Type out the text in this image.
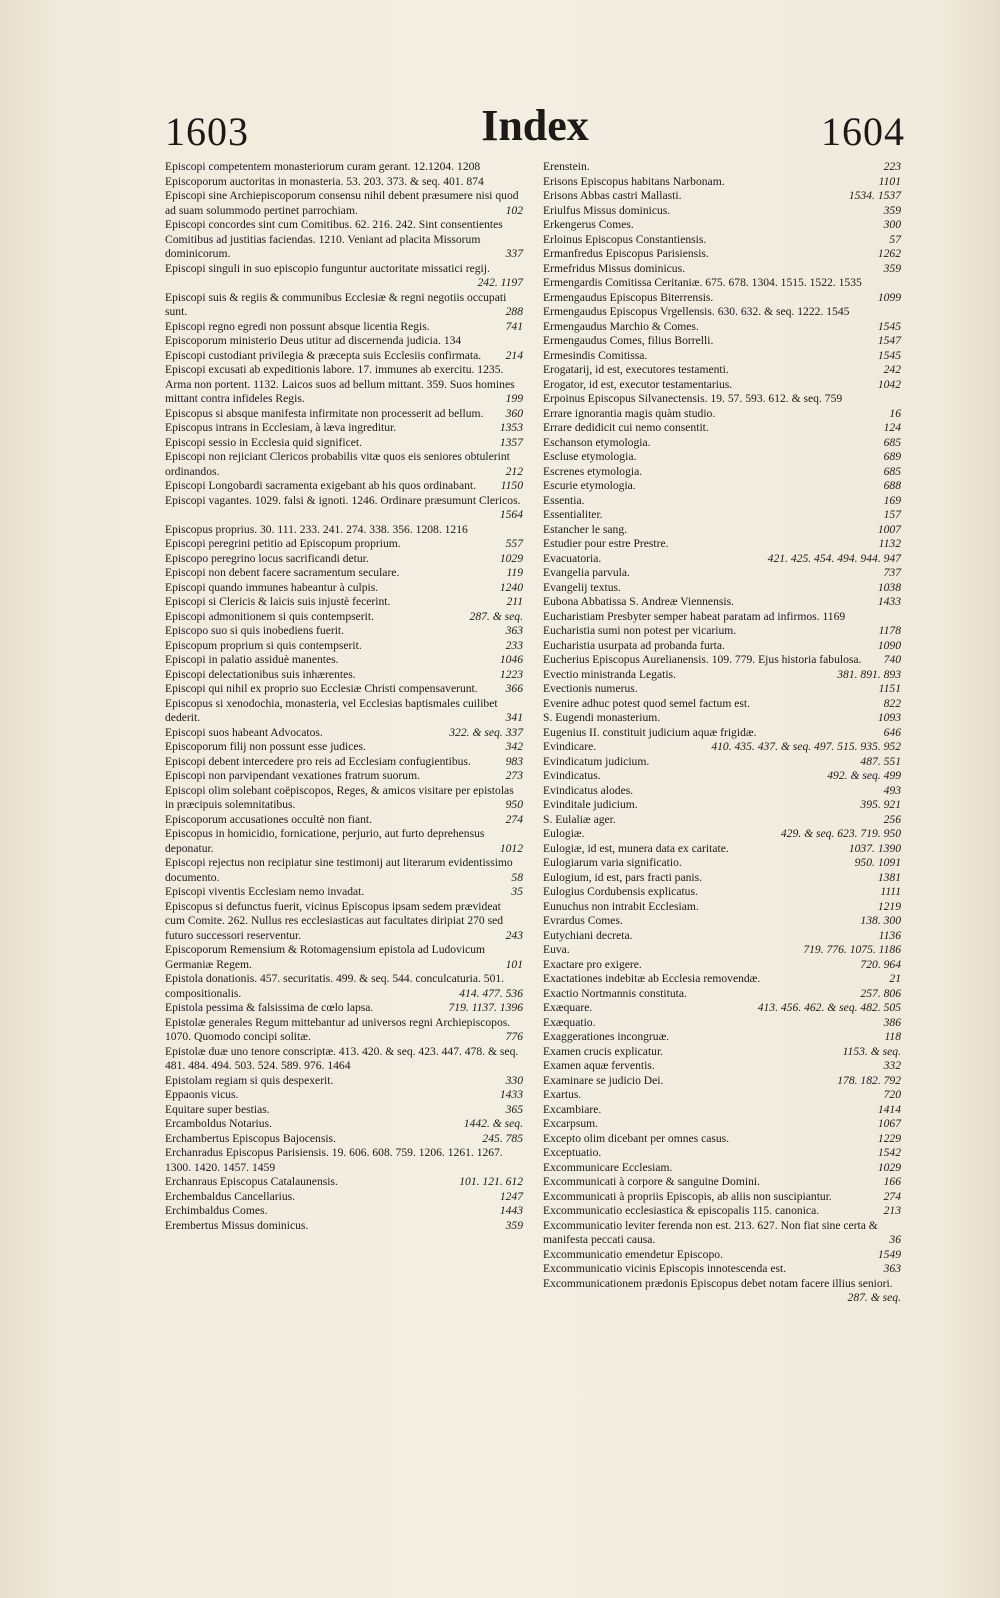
1603	Index	1604

Episcopi competentem monasteriorum curam gerant. 12.1204. 1208

Episcoporum auctoritas in monasteria. 53. 203. 373. & seq. 401. 874

Episcopi sine Archiepiscoporum consensu nihil debent præsumere nisi quod ad suam solummodo pertinet parrochiam.	102

Episcopi concordes sint cum Comitibus. 62. 216. 242. Sint consentientes Comitibus ad justitias faciendas. 1210. Veniant ad placita Missorum dominicorum.	337

Episcopi singuli in suo episcopio funguntur auctoritate missatici regij.
242. 1197

Episcopi suis & regiis & communibus Ecclesiæ & regni negotiis occupati sunt.	288

Episcopi regno egredi non possunt absque licentia Regis.	741

Episcoporum ministerio Deus utitur ad discernenda judicia. 134

Episcopi custodiant privilegia & præcepta suis Ecclesiis confirmata. 214

Episcopi excusati ab expeditionis labore. 17. immunes ab exercitu. 1235. Arma non portent. 1132. Laicos suos ad bellum mittant. 359. Suos homines mittant contra infideles Regis.	199

Episcopus si absque manifesta infirmitate non processerit ad bellum. 360

Episcopus intrans in Ecclesiam, à læva ingreditur.	1353

Episcopi sessio in Ecclesia quid significet.	1357

Episcopi non rejiciant Clericos probabilis vitæ quos eis seniores obtulerint ordinandos.	212

Episcopi Longobardi sacramenta exigebant ab his quos ordinabant. 1150

Episcopi vagantes. 1029. falsi & ignoti. 1246. Ordinare præsumunt Clericos.
1564

Episcopus proprius. 30. 111. 233. 241. 274. 338. 356. 1208. 1216

Episcopi peregrini petitio ad Episcopum proprium.	557

Episcopo peregrino locus sacrificandi detur.	1029

Episcopi non debent facere sacramentum seculare.	119

Episcopi quando immunes habeantur à culpis.	1240

Episcopi si Clericis & laicis suis injustè fecerint.	211

Episcopi admonitionem si quis contempserit.	287. & seq.

Episcopo suo si quis inobediens fuerit.	363

Episcopum proprium si quis contempserit.	233

Episcopi in palatio assiduè manentes.	1046

Episcopi delectationibus suis inhærentes.	1223

Episcopi qui nihil ex proprio suo Ecclesiæ Christi compensaverunt. 366

Episcopus si xenodochia, monasteria, vel Ecclesias baptismales cuilibet dederit.	341

Episcopi suos habeant Advocatos.	322. & seq. 337

Episcoporum filij non possunt esse judices.	342

Episcopi debent intercedere pro reis ad Ecclesiam confugientibus.	983

Episcopi non parvipendant vexationes fratrum suorum.	273

Episcopi olim solebant coëpiscopos, Reges, & amicos visitare per epistolas in præcipuis solemnitatibus.	950

Episcoporum accusationes occultè non fiant.	274

Episcopus in homicidio, fornicatione, perjurio, aut furto deprehensus deponatur.	1012

Episcopi rejectus non recipiatur sine testimonij aut literarum evidentissimo documento.	58

Episcopi viventis Ecclesiam nemo invadat.	35

Episcopus si defunctus fuerit, vicinus Episcopus ipsam sedem prævideat cum Comite. 262. Nullus res ecclesiasticas aut facultates diripiat 270 sed futuro successori reserventur.	243

Episcoporum Remensium & Rotomagensium epistola ad Ludovicum Germaniæ Regem.	101

Epistola donationis. 457. securitatis. 499. & seq. 544. conculcaturia. 501. compositionalis.	414. 477. 536

Epistola pessima & falsissima de cœlo lapsa.	719. 1137. 1396

Epistolæ generales Regum mittebantur ad universos regni Archiepiscopos. 1070. Quomodo concipi solitæ.	776

Epistolæ duæ uno tenore conscriptæ. 413. 420. & seq. 423. 447. 478. & seq. 481. 484. 494. 503. 524. 589. 976. 1464

Epistolam regiam si quis despexerit.	330

Eppaonis vicus.	1433

Equitare super bestias.	365

Ercamboldus Notarius.	1442. & seq.

Erchambertus Episcopus Bajocensis.	245. 785

Erchanradus Episcopus Parisiensis. 19. 606. 608. 759. 1206. 1261. 1267. 1300. 1420. 1457. 1459

Erchanraus Episcopus Catalaunensis.	101. 121. 612

Erchembaldus Cancellarius.	1247

Erchimbaldus Comes.	1443

Erembertus Missus dominicus.	359

Erenstein.	223

Erisons Episcopus habitans Narbonam.	1101

Erisons Abbas castri Mallasti.	1534. 1537

Eriulfus Missus dominicus.	359

Erkengerus Comes.	300

Erloinus Episcopus Constantiensis.	57

Ermanfredus Episcopus Parisiensis.	1262

Ermefridus Missus dominicus.	359

Ermengardis Comitissa Ceritaniæ. 675. 678. 1304. 1515. 1522. 1535

Ermengaudus Episcopus Biterrensis.	1099

Ermengaudus Episcopus Vrgellensis. 630. 632. & seq. 1222. 1545

Ermengaudus Marchio & Comes.	1545

Ermengaudus Comes, filius Borrelli.	1547

Ermesindis Comitissa.	1545

Erogatarij, id est, executores testamenti.	242

Erogator, id est, executor testamentarius.	1042

Erpoinus Episcopus Silvanectensis. 19. 57. 593. 612. & seq. 759

Errare ignorantia magis quàm studio.	16

Errare dedidicit cui nemo consentit.	124

Eschanson etymologia.	685

Escluse etymologia.	689

Escrenes etymologia.	685

Escurie etymologia.	688

Essentia.	169

Essentialiter.	157

Estancher le sang.	1007

Estudier pour estre Prestre.	1132

Evacuatoria.	421. 425. 454. 494. 944. 947

Evangelia parvula.	737

Evangelij textus.	1038

Eubona Abbatissa S. Andreæ Viennensis.	1433

Eucharistiam Presbyter semper habeat paratam ad infirmos. 1169

Eucharistia sumi non potest per vicarium.	1178

Eucharistia usurpata ad probanda furta.	1090

Eucherius Episcopus Aurelianensis. 109. 779. Ejus historia fabulosa. 740

Evectio ministranda Legatis.	381. 891. 893

Evectionis numerus.	1151

Evenire adhuc potest quod semel factum est.	822

S. Eugendi monasterium.	1093

Eugenius II. constituit judicium aquæ frigidæ.	646

Evindicare.	410. 435. 437. & seq. 497. 515. 935. 952

Evindicatum judicium.	487. 551

Evindicatus.	492. & seq. 499

Evindicatus alodes.	493

Evinditale judicium.	395. 921

S. Eulaliæ ager.	256

Eulogiæ.	429. & seq. 623. 719. 950

Eulogiæ, id est, munera data ex caritate.	1037. 1390

Eulogiarum varia significatio.	950. 1091

Eulogium, id est, pars fracti panis.	1381

Eulogius Cordubensis explicatus.	1111

Eunuchus non intrabit Ecclesiam.	1219

Evrardus Comes.	138. 300

Eutychiani decreta.	1136

Euva.	719. 776. 1075. 1186

Exactare pro exigere.	720. 964

Exactationes indebitæ ab Ecclesia removendæ.	21

Exactio Nortmannis constituta.	257. 806

Exæquare.	413. 456. 462. & seq. 482. 505

Exæquatio.	386

Exaggerationes incongruæ.	118

Examen crucis explicatur.	1153. & seq.

Examen aquæ ferventis.	332

Examinare se judicio Dei.	178. 182. 792

Exartus.	720

Excambiare.	1414

Excarpsum.	1067

Excepto olim dicebant per omnes casus.	1229

Exceptuatio.	1542

Excommunicare Ecclesiam.	1029

Excommunicati à corpore & sanguine Domini.	166

Excommunicati à propriis Episcopis, ab aliis non suscipiantur.	274

Excommunicatio ecclesiastica & episcopalis 115. canonica.	213

Excommunicatio leviter ferenda non est. 213. 627. Non fiat sine certa & manifesta peccati causa.	36

Excommunicatio emendetur Episcopo.	1549

Excommunicatio vicinis Episcopis innotescenda est.	363

Excommunicationem prædonis Episcopus debet notam facere illius seniori.
287. & seq.
